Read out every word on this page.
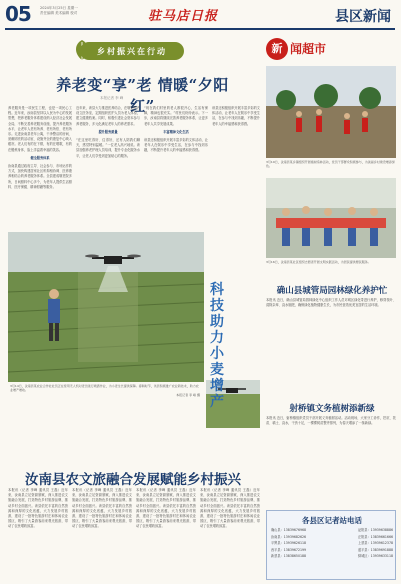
05	2024年3月25日 星期一
责任编辑 美术编辑 校对	驻马店日报	县区新闻
乡村振兴在行动
养老变“享”老 情暖“夕阳红”
本报记者 李 峰
养老服务是一项民生工程，也是一项民心工程。近年来，汝南县坚持以人民为中心的发展思想，把养老服务体系建设纳入经济社会发展全局，不断完善养老服务设施，提升养老服务水平，让老年人老有所养、老有所依、老有所乐。走进汝南县老年公寓，干净整洁的房间、宽敞明亮的活动室、设施齐全的康复中心映入眼帘。老人们有的在下棋，有的在唱歌，有的在锻炼身体，脸上洋溢着幸福的笑容。
健全服务体系
汝南县通过政府主导、社会参与、市场运作的方式，加快构建居家社区机构相协调、医养康养相结合的养老服务体系。全县建成敬老院多所，日间照料中心多个，为老年人提供生活照料、医疗保健、精神慰藉等服务。
近年来，该县大力推进医养结合，在敬老院内设立医务室，定期组织医护人员为老人体检，建立健康档案。同时，积极引进社会资本参与养老服务，多元化满足老年人的养老需求。
提升服务质量
“在这里吃得好、住得好，还有人陪我们聊天，感觉特别温暖。”一位老人高兴地说。该县加强养老护理人员培训，提升专业化服务水平，让老人们享受到更加贴心的服务。
“现在我们村里的老人都很开心，生活有保障，精神也很充实。”村民们纷纷表示。下一步，汝南县将继续完善养老服务体系，让更多老年人共享发展成果。
丰富精神文化生活
该县还积极组织开展丰富多彩的文体活动，让老年人在娱乐中享受生活，在参与中找到乐趣，不断提升老年人的幸福感和获得感。
该县还积极组织开展丰富多彩的文体活动，让老年人在娱乐中享受生活，在参与中找到乐趣，不断提升老年人的幸福感和获得感。
科技助力小麦增产
3月14日，汝南县某农业合作社社员正在使用无人机对麦田进行喷洒作业，为小麦生长提供保障。春耕时节，该县积极推广农业新技术，助力农业增产增收。
本报记者 李 峰 摄
汝南县农文旅融合发展赋能乡村振兴
本报讯（记者 李峰 通讯员 王磊）近年来，汝南县立足资源禀赋，深入推进农文旅融合发展，打造特色乡村旅游品牌，推动乡村全面振兴。该县依托丰富的自然资源和深厚的文化底蕴，大力发展乡村旅游，建设了一批特色旅游村庄和休闲农业园区，吸引了大量游客前来观光旅游，带动了农民增收致富。
本报讯（记者 李峰 通讯员 王磊）近年来，汝南县立足资源禀赋，深入推进农文旅融合发展，打造特色乡村旅游品牌，推动乡村全面振兴。该县依托丰富的自然资源和深厚的文化底蕴，大力发展乡村旅游，建设了一批特色旅游村庄和休闲农业园区，吸引了大量游客前来观光旅游，带动了农民增收致富。
本报讯（记者 李峰 通讯员 王磊）近年来，汝南县立足资源禀赋，深入推进农文旅融合发展，打造特色乡村旅游品牌，推动乡村全面振兴。该县依托丰富的自然资源和深厚的文化底蕴，大力发展乡村旅游，建设了一批特色旅游村庄和休闲农业园区，吸引了大量游客前来观光旅游，带动了农民增收致富。
本报讯（记者 李峰 通讯员 王磊）近年来，汝南县立足资源禀赋，深入推进农文旅融合发展，打造特色乡村旅游品牌，推动乡村全面振兴。该县依托丰富的自然资源和深厚的文化底蕴，大力发展乡村旅游，建设了一批特色旅游村庄和休闲农业园区，吸引了大量游客前来观光旅游，带动了农民增收致富。
新 闻超市
3月19日，汝南县某乡镇组织开展植树造林活动，党员干部群众积极参与，为美丽乡村建设增添绿色。
3月16日，汝南县某社区组织志愿者开展文明实践活动，为居民提供便民服务。
确山县城管局园林绿化养护忙
本报讯 近日，确山县城管局园林绿化中心组织工作人员对城区绿化带进行养护，修剪枝叶、清除杂草、浇水施肥，确保绿化植物健康生长，为市民营造优美宜居的生活环境。
射桥镇文务植树添新绿
本报讯 近日，射桥镇组织党员干部开展义务植树活动。活动现场，大家分工协作，挖坑、扶苗、填土、浇水，干劲十足，一棵棵树苗整齐排列，为春天增添了一抹新绿。
各县区记者站电话
确山县：13839676968	泌阳县：13939638886
汝南县：13939682626	正阳县：13839661666
平舆县：13939626118	上蔡县：13939612378
西平县：13839672199	遂平县：13839691888
新蔡县：13838650188	驿城区：13939633118
